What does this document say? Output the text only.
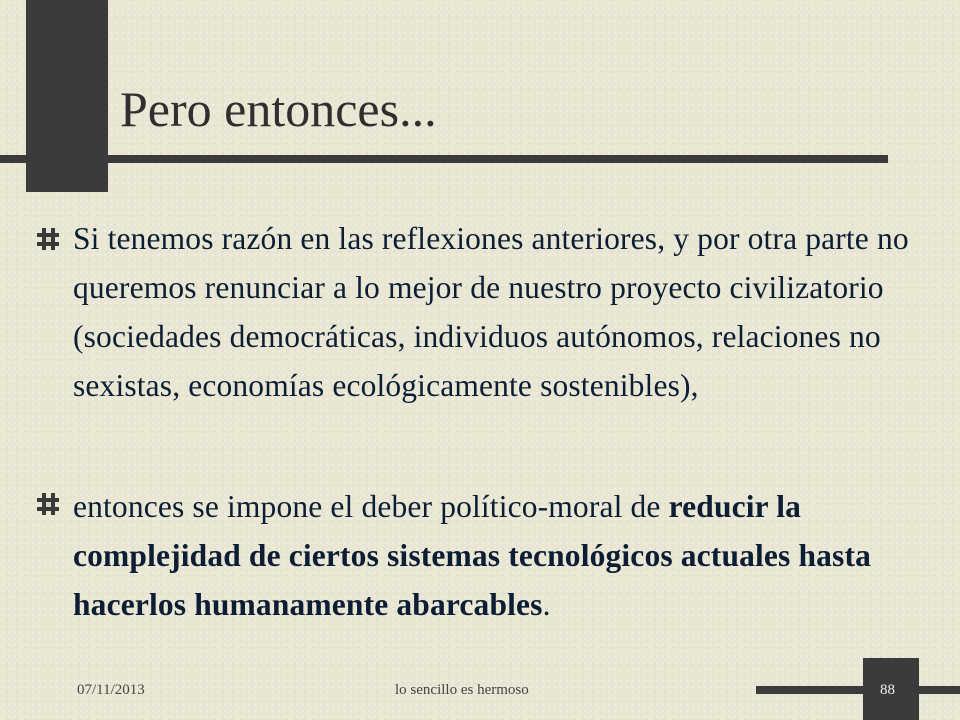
Pero entonces...

Si tenemos razón en las reflexiones anteriores, y por otra parte no queremos renunciar a lo mejor de nuestro proyecto civilizatorio (sociedades democráticas, individuos autónomos, relaciones no sexistas, economías ecológicamente sostenibles),

entonces se impone el deber político-moral de reducir la complejidad de ciertos sistemas tecnológicos actuales hasta hacerlos humanamente abarcables.

07/11/2013	lo sencillo es hermoso	88
